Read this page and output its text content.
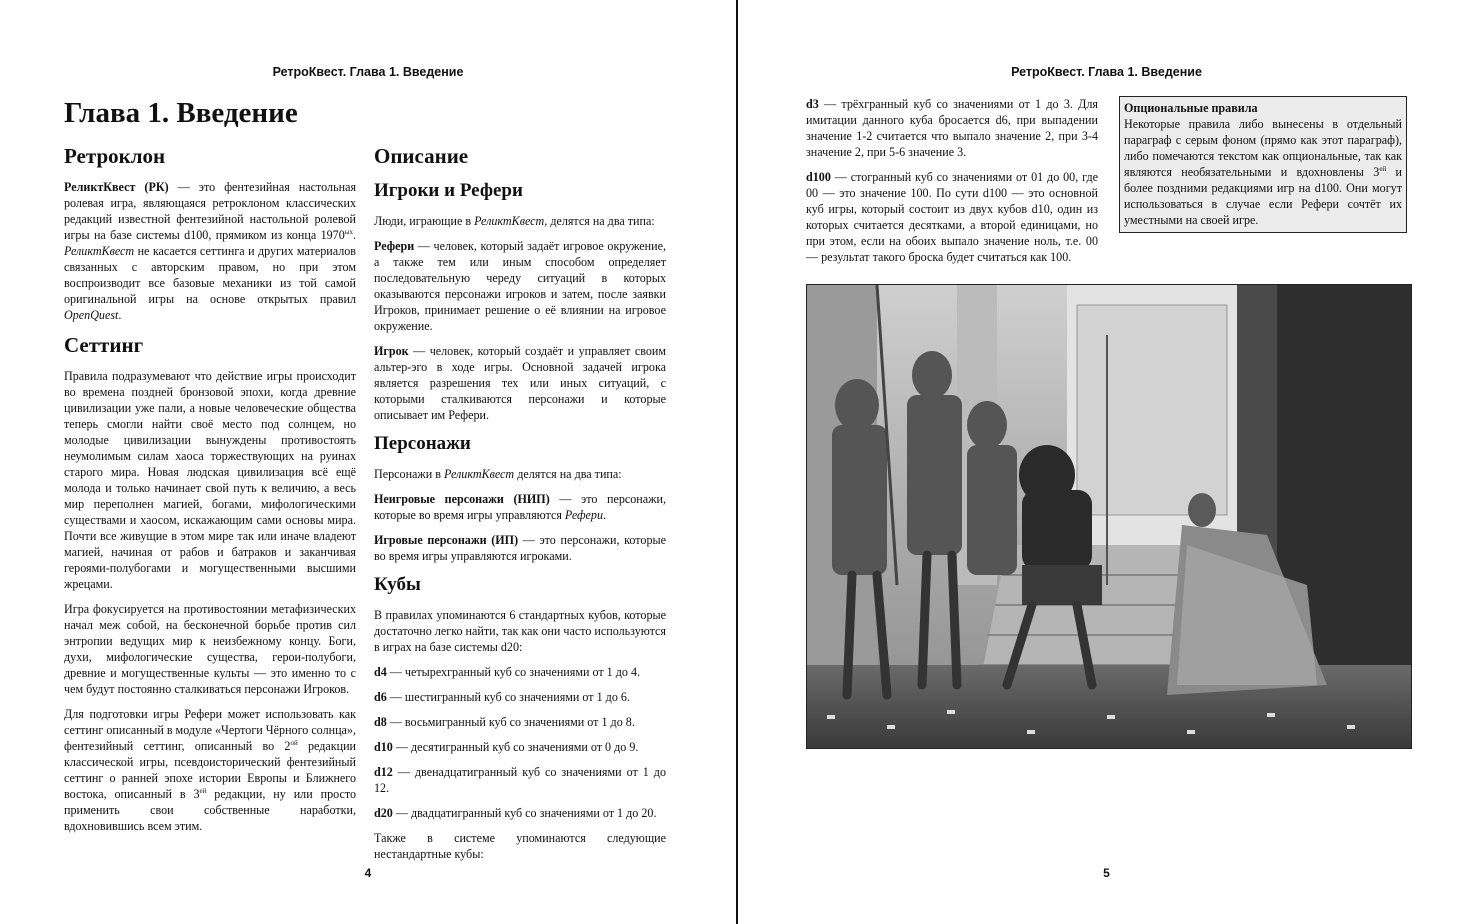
РетроКвест. Глава 1. Введение
Глава 1. Введение
Ретроклон

РеликтКвест (РК) — это фентезийная настольная ролевая игра, являющаяся ретроклоном классических редакций известной фентезийной настольной ролевой игры на базе системы d100, прямиком из конца $1970^{ых}$. РеликтКвест не касается сеттинга и других материалов связанных с авторским правом, но при этом воспроизводит все базовые механики из той самой оригинальной игры на основе открытых правил OpenQuest.

Сеттинг

Правила подразумевают что действие игры происходит во времена поздней бронзовой эпохи, когда древние цивилизации уже пали, а новые человеческие общества теперь смогли найти своё место под солнцем, но молодые цивилизации вынуждены противостоять неумолимым силам хаоса торжествующих на руинах старого мира. Новая людская цивилизация всё ещё молода и только начинает свой путь к величию, а весь мир переполнен магией, богами, мифологическими существами и хаосом, искажающим сами основы мира. Почти все живущие в этом мире так или иначе владеют магией, начиная от рабов и батраков и заканчивая героями-полубогами и могущественными высшими жрецами.

Игра фокусируется на противостоянии метафизических начал меж собой, на бесконечной борьбе против сил энтропии ведущих мир к неизбежному концу. Боги, духи, мифологические существа, герои-полубоги, древние и могущественные культы — это именно то с чем будут постоянно сталкиваться персонажи Игроков.

Для подготовки игры Рефери может использовать как сеттинг описанный в модуле «Чертоги Чёрного солнца», фентезийный сеттинг, описанный во $2^{ой}$ редакции классической игры, псевдоисторический фентезийный сеттинг о ранней эпохе истории Европы и Ближнего востока, описанный в $3^{ей}$ редакции, ну или просто применить свои собственные наработки, вдохновившись всем этим.

Описание
Игроки и Рефери

Люди, играющие в РеликтКвест, делятся на два типа:

Рефери — человек, который задаёт игровое окружение, а также тем или иным способом определяет последовательную череду ситуаций в которых оказываются персонажи игроков и затем, после заявки Игроков, принимает решение о её влиянии на игровое окружение.

Игрок — человек, который создаёт и управляет своим альтер-эго в ходе игры. Основной задачей игрока является разрешения тех или иных ситуаций, с которыми сталкиваются персонажи и которые описывает им Рефери.

Персонажи

Персонажи в РеликтКвест делятся на два типа:

Неигровые персонажи (НИП) — это персонажи, которые во время игры управляются Рефери.

Игровые персонажи (ИП) — это персонажи, которые во время игры управляются игроками.

Кубы

В правилах упоминаются 6 стандартных кубов, которые достаточно легко найти, так как они часто используются в играх на базе системы d20:

d4 — четырехгранный куб со значениями от 1 до 4.

d6 — шестигранный куб со значениями от 1 до 6.

d8 — восьмигранный куб со значениями от 1 до 8.

d10 — десятигранный куб со значениями от 0 до 9.

d12 — двенадцатигранный куб со значениями от 1 до 12.

d20 — двадцатигранный куб со значениями от 1 до 20.

Также в системе упоминаются следующие нестандартные кубы:

4
РетроКвест. Глава 1. Введение

d3 — трёхгранный куб со значениями от 1 до 3. Для имитации данного куба бросается d6, при выпадении значение 1-2 считается что выпало значение 2, при 3-4 значение 2, при 5-6 значение 3.

d100 — стогранный куб со значениями от 01 до 00, где 00 — это значение 100. По сути d100 — это основной куб игры, который состоит из двух кубов d10, один из которых считается десятками, а второй единицами, но при этом, если на обоих выпало значение ноль, т.е. 00 — результат такого броска будет считаться как 100.

Опциональные правила

Некоторые правила либо вынесены в отдельный параграф с серым фоном (прямо как этот параграф), либо помечаются текстом как опциональные, так как являются необязательными и вдохновлены $3^{ей}$ и более поздними редакциями игр на d100. Они могут использоваться в случае если Рефери сочтёт их уместными на своей игре.

5
